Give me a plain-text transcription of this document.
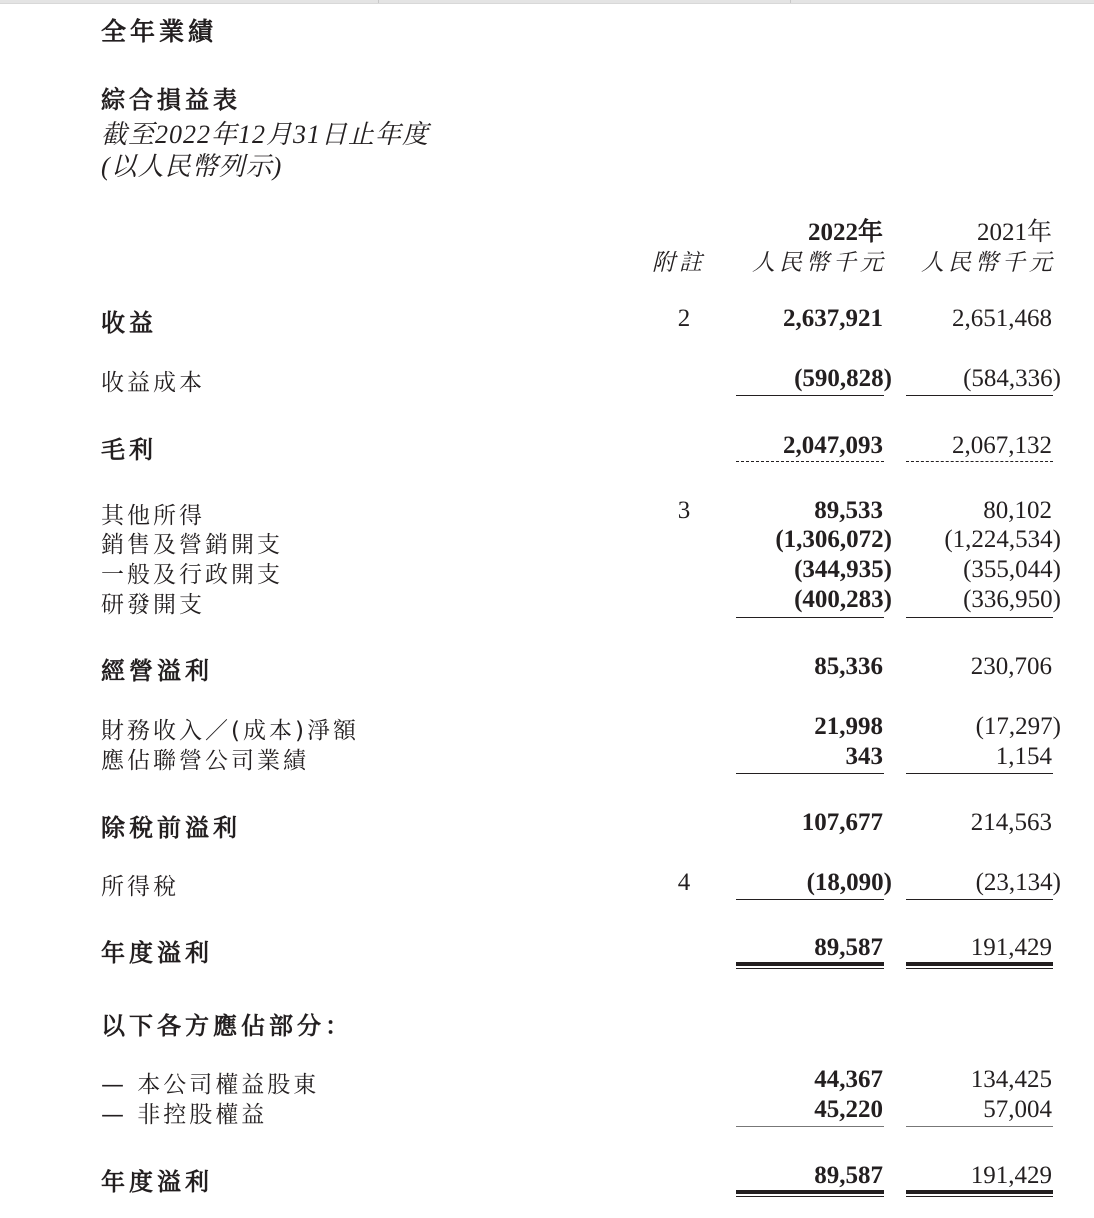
全年業績
綜合損益表
截至2022年12月31日止年度
(以人民幣列示)
附註
2022年
人民幣千元
2021年
人民幣千元
收益	2	2,637,921	2,651,468
收益成本	(590,828)	(584,336)
毛利	2,047,093	2,067,132
其他所得	3	89,533	80,102
銷售及營銷開支	(1,306,072) (1,224,534)
一般及行政開支	(344,935)	(355,044)
研發開支	(400,283)	(336,950)
經營溢利	85,336	230,706
財務收入／(成本)淨額	21,998	(17,297)
應佔聯營公司業績	343	1,154
除稅前溢利	107,677	214,563
所得稅	4	(18,090)	(23,134)
年度溢利	89,587	191,429
以下各方應佔部分：
— 本公司權益股東	44,367	134,425
— 非控股權益	45,220	57,004
年度溢利	89,587	191,429
